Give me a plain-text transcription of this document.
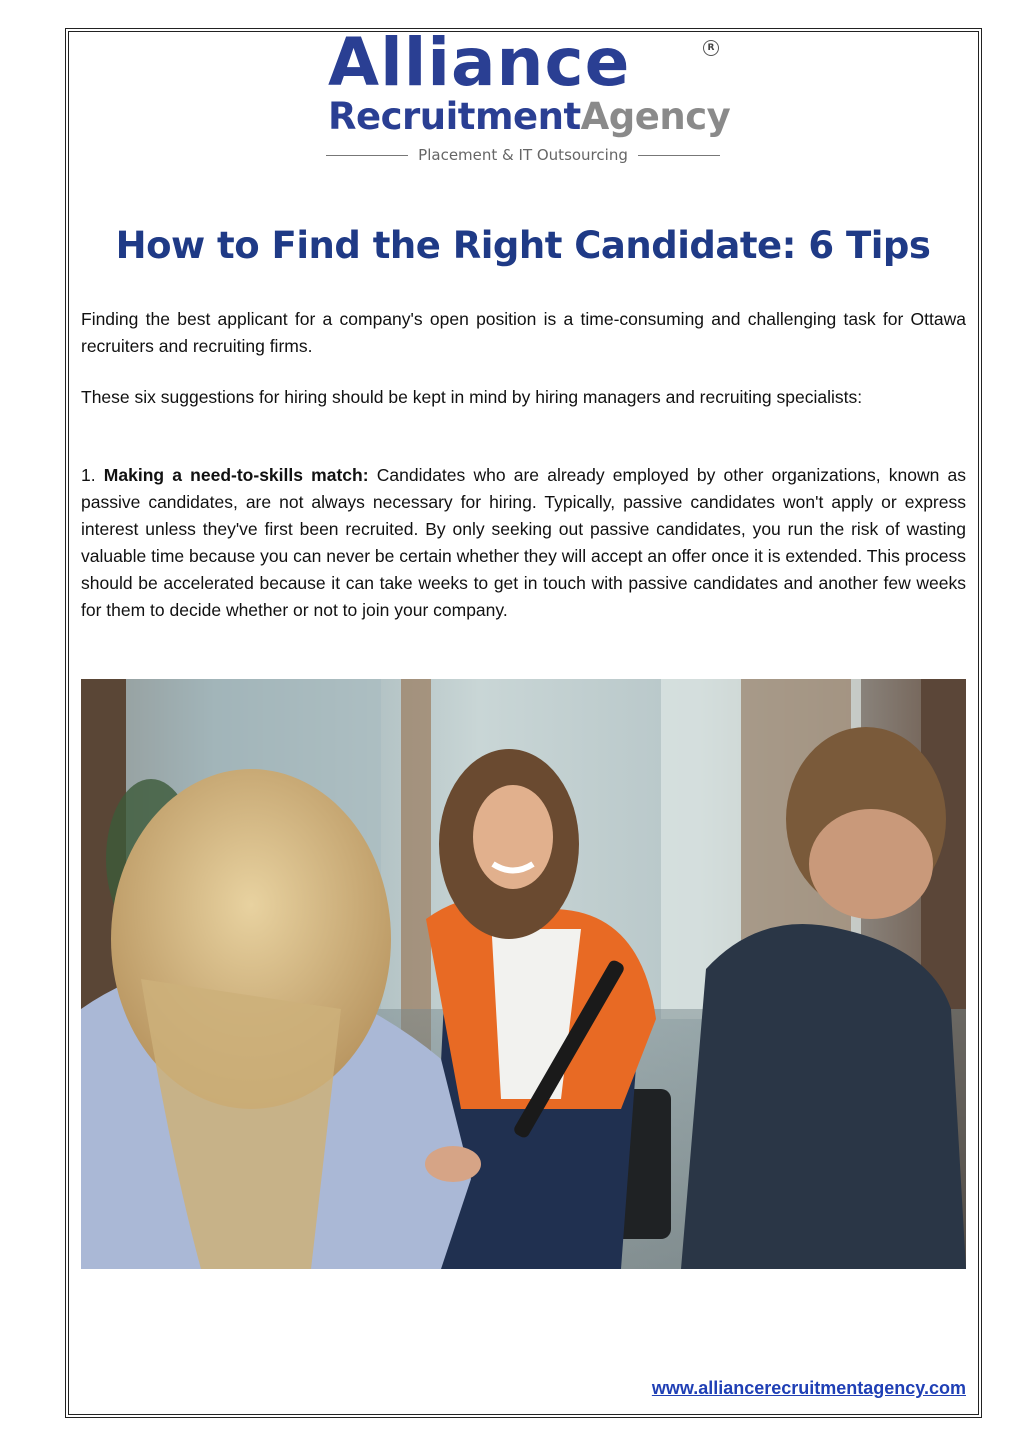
Alliance	R
RecruitmentAgency
Placement & IT Outsourcing
How to Find the Right Candidate: 6 Tips

Finding the best applicant for a company's open position is a time-consuming and challenging task for Ottawa recruiters and recruiting firms.

These six suggestions for hiring should be kept in mind by hiring managers and recruiting specialists:

1. Making a need-to-skills match: Candidates who are already employed by other organizations, known as passive candidates, are not always necessary for hiring. Typically, passive candidates won't apply or express interest unless they've first been recruited. By only seeking out passive candidates, you run the risk of wasting valuable time because you can never be certain whether they will accept an offer once it is extended. This process should be accelerated because it can take weeks to get in touch with passive candidates and another few weeks for them to decide whether or not to join your company.

www.alliancerecruitmentagency.com
